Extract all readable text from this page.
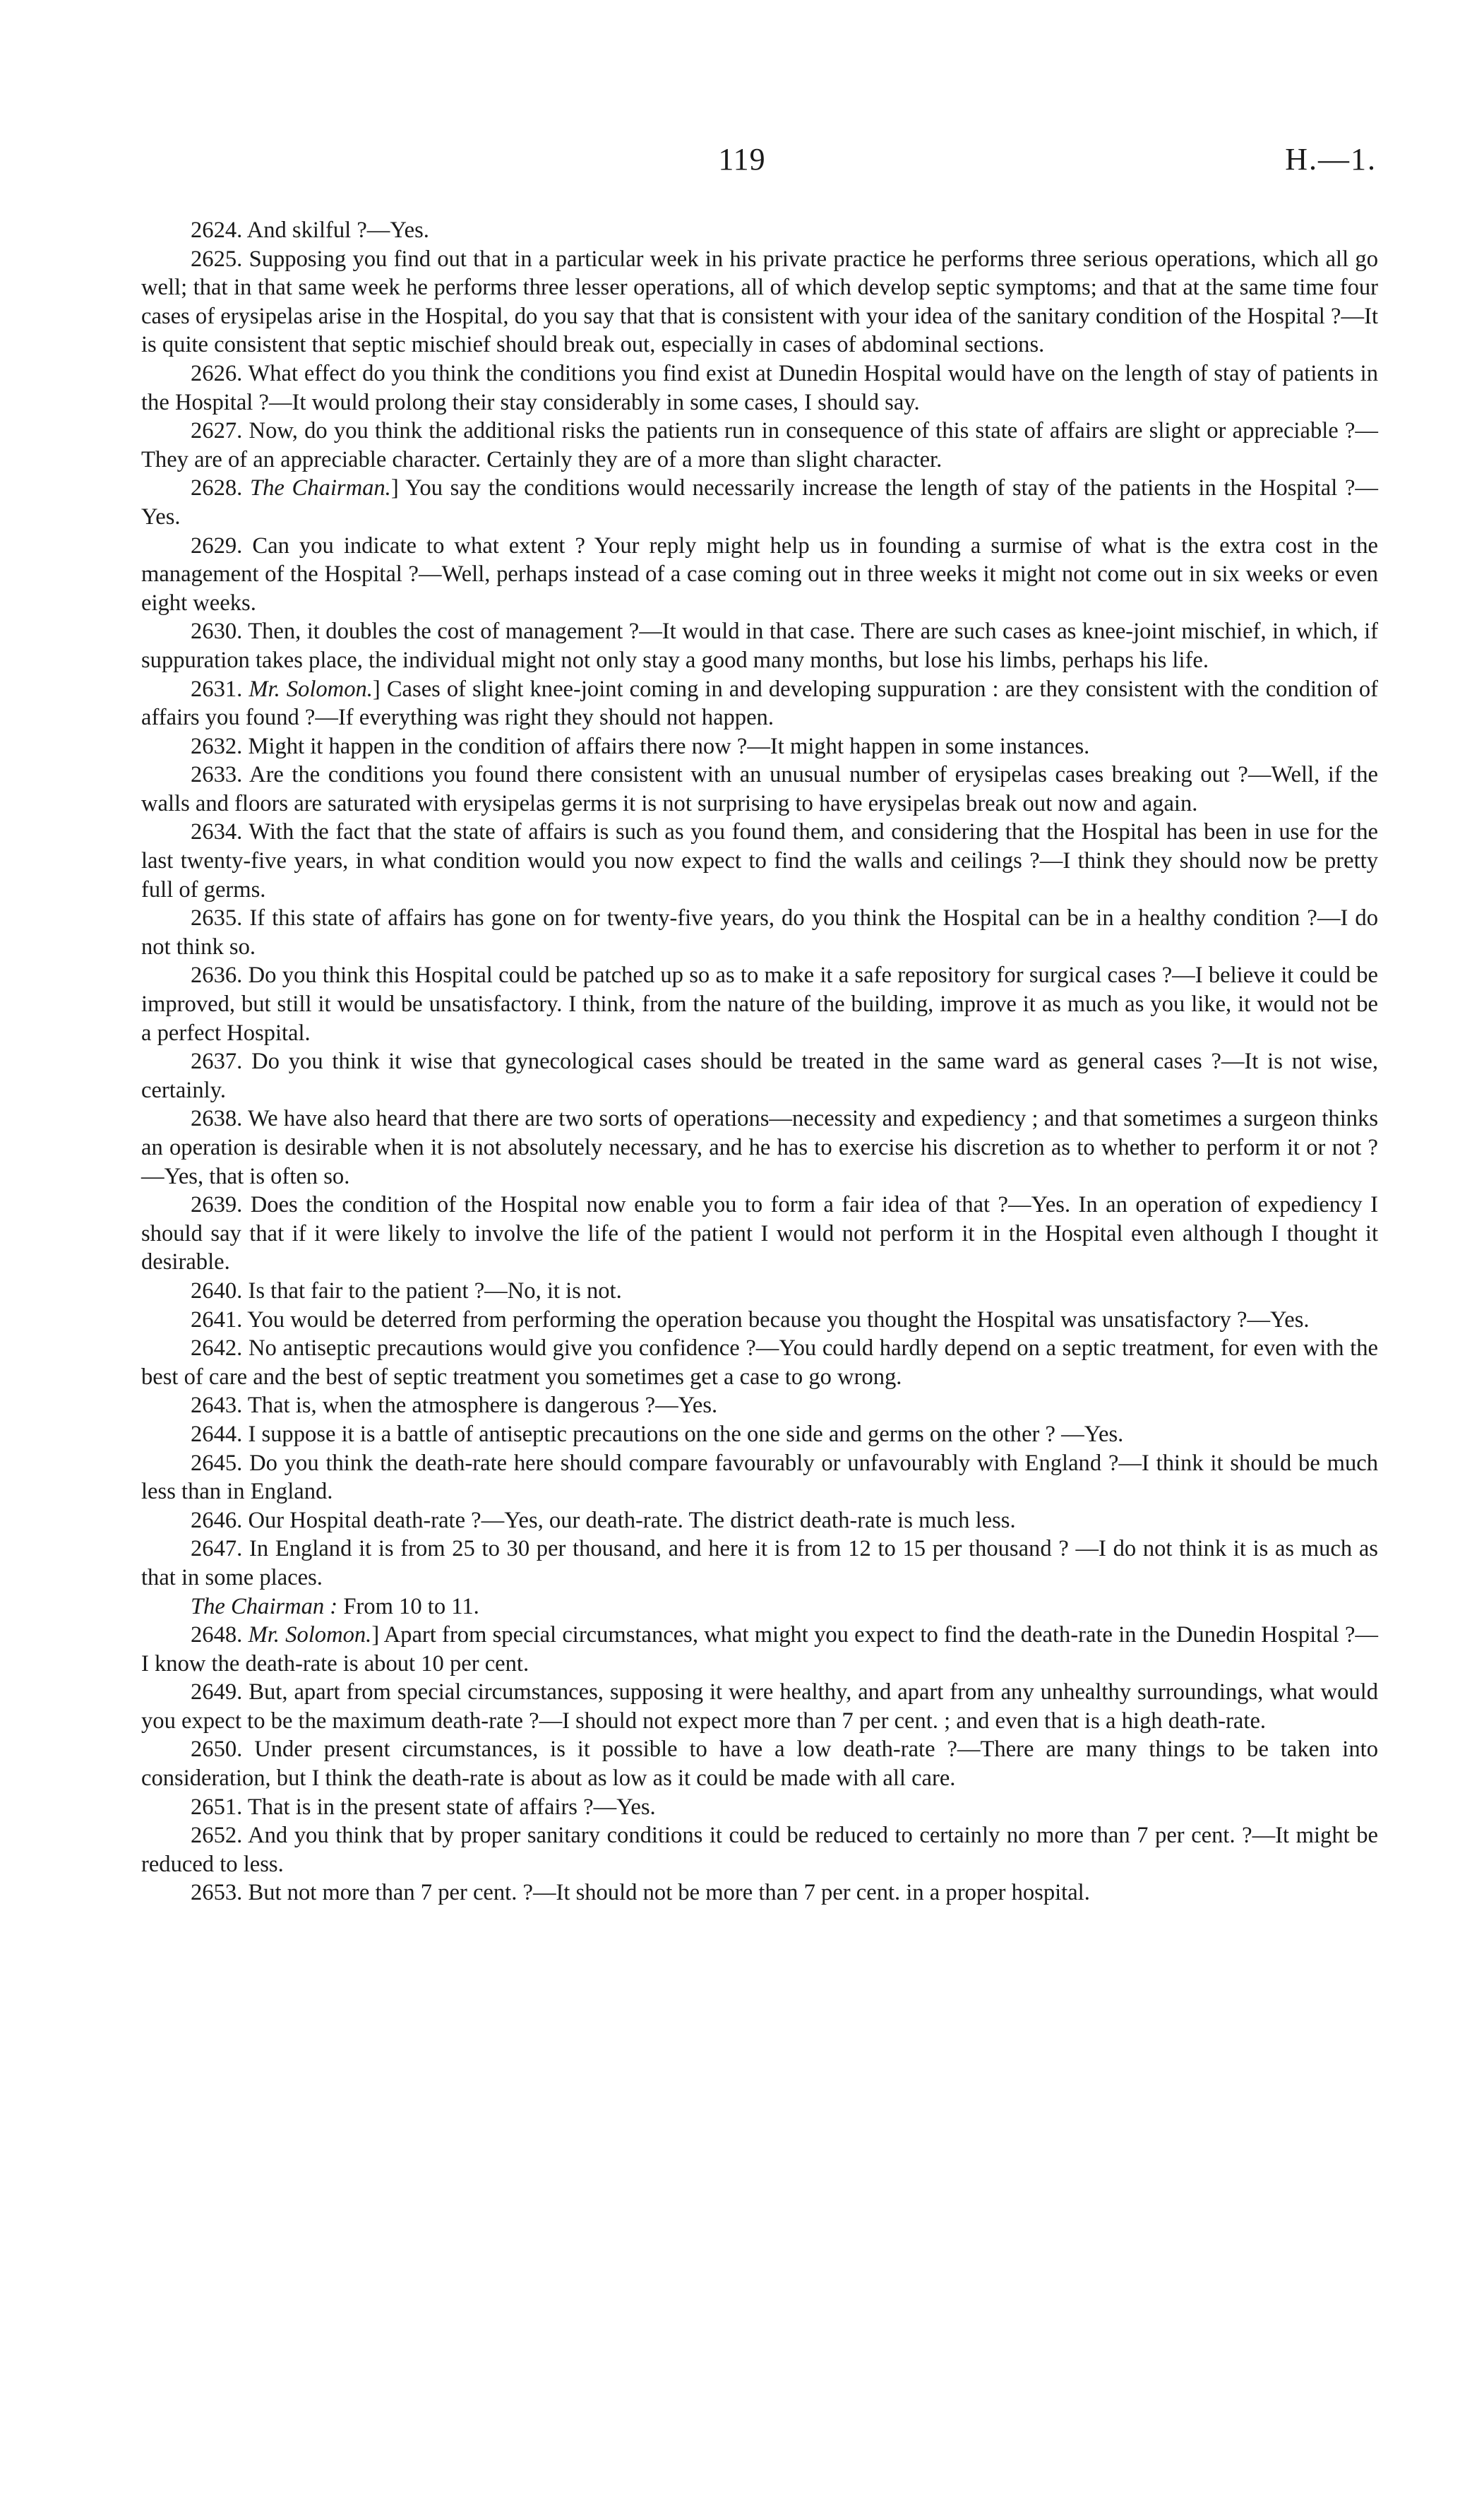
119	H.—1.

2624. And skilful ?—Yes.

2625. Supposing you find out that in a particular week in his private practice he performs three serious operations, which all go well; that in that same week he performs three lesser operations, all of which develop septic symptoms; and that at the same time four cases of erysipelas arise in the Hospital, do you say that that is consistent with your idea of the sanitary condition of the Hospital ?—It is quite consistent that septic mischief should break out, especially in cases of abdominal sections.

2626. What effect do you think the conditions you find exist at Dunedin Hospital would have on the length of stay of patients in the Hospital ?—It would prolong their stay considerably in some cases, I should say.

2627. Now, do you think the additional risks the patients run in consequence of this state of affairs are slight or appreciable ?—They are of an appreciable character. Certainly they are of a more than slight character.

2628. The Chairman.] You say the conditions would necessarily increase the length of stay of the patients in the Hospital ?—Yes.

2629. Can you indicate to what extent ? Your reply might help us in founding a surmise of what is the extra cost in the management of the Hospital ?—Well, perhaps instead of a case coming out in three weeks it might not come out in six weeks or even eight weeks.

2630. Then, it doubles the cost of management ?—It would in that case. There are such cases as knee-joint mischief, in which, if suppuration takes place, the individual might not only stay a good many months, but lose his limbs, perhaps his life.

2631. Mr. Solomon.] Cases of slight knee-joint coming in and developing suppuration : are they consistent with the condition of affairs you found ?—If everything was right they should not happen.

2632. Might it happen in the condition of affairs there now ?—It might happen in some instances.

2633. Are the conditions you found there consistent with an unusual number of erysipelas cases breaking out ?—Well, if the walls and floors are saturated with erysipelas germs it is not surprising to have erysipelas break out now and again.

2634. With the fact that the state of affairs is such as you found them, and considering that the Hospital has been in use for the last twenty-five years, in what condition would you now expect to find the walls and ceilings ?—I think they should now be pretty full of germs.

2635. If this state of affairs has gone on for twenty-five years, do you think the Hospital can be in a healthy condition ?—I do not think so.

2636. Do you think this Hospital could be patched up so as to make it a safe repository for surgical cases ?—I believe it could be improved, but still it would be unsatisfactory. I think, from the nature of the building, improve it as much as you like, it would not be a perfect Hospital.

2637. Do you think it wise that gynecological cases should be treated in the same ward as general cases ?—It is not wise, certainly.

2638. We have also heard that there are two sorts of operations—necessity and expediency ; and that sometimes a surgeon thinks an operation is desirable when it is not absolutely necessary, and he has to exercise his discretion as to whether to perform it or not ?—Yes, that is often so.

2639. Does the condition of the Hospital now enable you to form a fair idea of that ?—Yes. In an operation of expediency I should say that if it were likely to involve the life of the patient I would not perform it in the Hospital even although I thought it desirable.

2640. Is that fair to the patient ?—No, it is not.

2641. You would be deterred from performing the operation because you thought the Hospital was unsatisfactory ?—Yes.

2642. No antiseptic precautions would give you confidence ?—You could hardly depend on a septic treatment, for even with the best of care and the best of septic treatment you sometimes get a case to go wrong.

2643. That is, when the atmosphere is dangerous ?—Yes.

2644. I suppose it is a battle of antiseptic precautions on the one side and germs on the other ? —Yes.

2645. Do you think the death-rate here should compare favourably or unfavourably with England ?—I think it should be much less than in England.

2646. Our Hospital death-rate ?—Yes, our death-rate. The district death-rate is much less.

2647. In England it is from 25 to 30 per thousand, and here it is from 12 to 15 per thousand ? —I do not think it is as much as that in some places.

The Chairman : From 10 to 11.

2648. Mr. Solomon.] Apart from special circumstances, what might you expect to find the death-rate in the Dunedin Hospital ?—I know the death-rate is about 10 per cent.

2649. But, apart from special circumstances, supposing it were healthy, and apart from any unhealthy surroundings, what would you expect to be the maximum death-rate ?—I should not expect more than 7 per cent. ; and even that is a high death-rate.

2650. Under present circumstances, is it possible to have a low death-rate ?—There are many things to be taken into consideration, but I think the death-rate is about as low as it could be made with all care.

2651. That is in the present state of affairs ?—Yes.

2652. And you think that by proper sanitary conditions it could be reduced to certainly no more than 7 per cent. ?—It might be reduced to less.

2653. But not more than 7 per cent. ?—It should not be more than 7 per cent. in a proper hospital.
